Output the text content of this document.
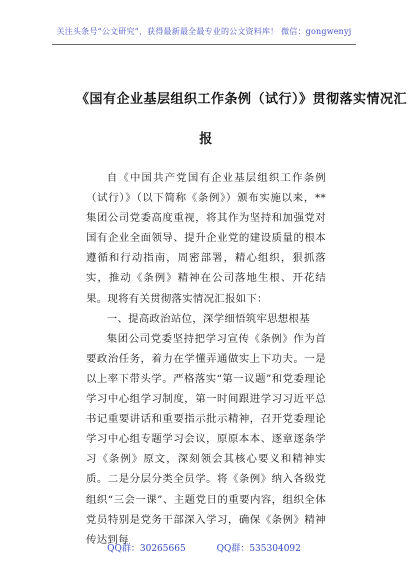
关注头条号“公文研究”，获得最新最全最专业的公文资料库！ 微信：gongwenyj
《国有企业基层组织工作条例（试行）》贯彻落实情况汇
报

自《中国共产党国有企业基层组织工作条例（试行）》（以下简称《条例》）颁布实施以来，**集团公司党委高度重视，将其作为坚持和加强党对国有企业全面领导、提升企业党的建设质量的根本遵循和行动指南，周密部署，精心组织，狠抓落实，推动《条例》精神在公司落地生根、开花结果。现将有关贯彻落实情况汇报如下：

一、提高政治站位，深学细悟筑牢思想根基

集团公司党委坚持把学习宣传《条例》作为首要政治任务，着力在学懂弄通做实上下功夫。一是以上率下带头学。严格落实“第一议题”和党委理论学习中心组学习制度，第一时间跟进学习习近平总书记重要讲话和重要指示批示精神，召开党委理论学习中心组专题学习会议，原原本本、逐章逐条学习《条例》原文，深刻领会其核心要义和精神实质。二是分层分类全员学。将《条例》纳入各级党组织“三会一课”、主题党日的重要内容，组织全体党员特别是党务干部深入学习，确保《条例》精神传达到每

QQ群：30265665	QQ群：535304092
